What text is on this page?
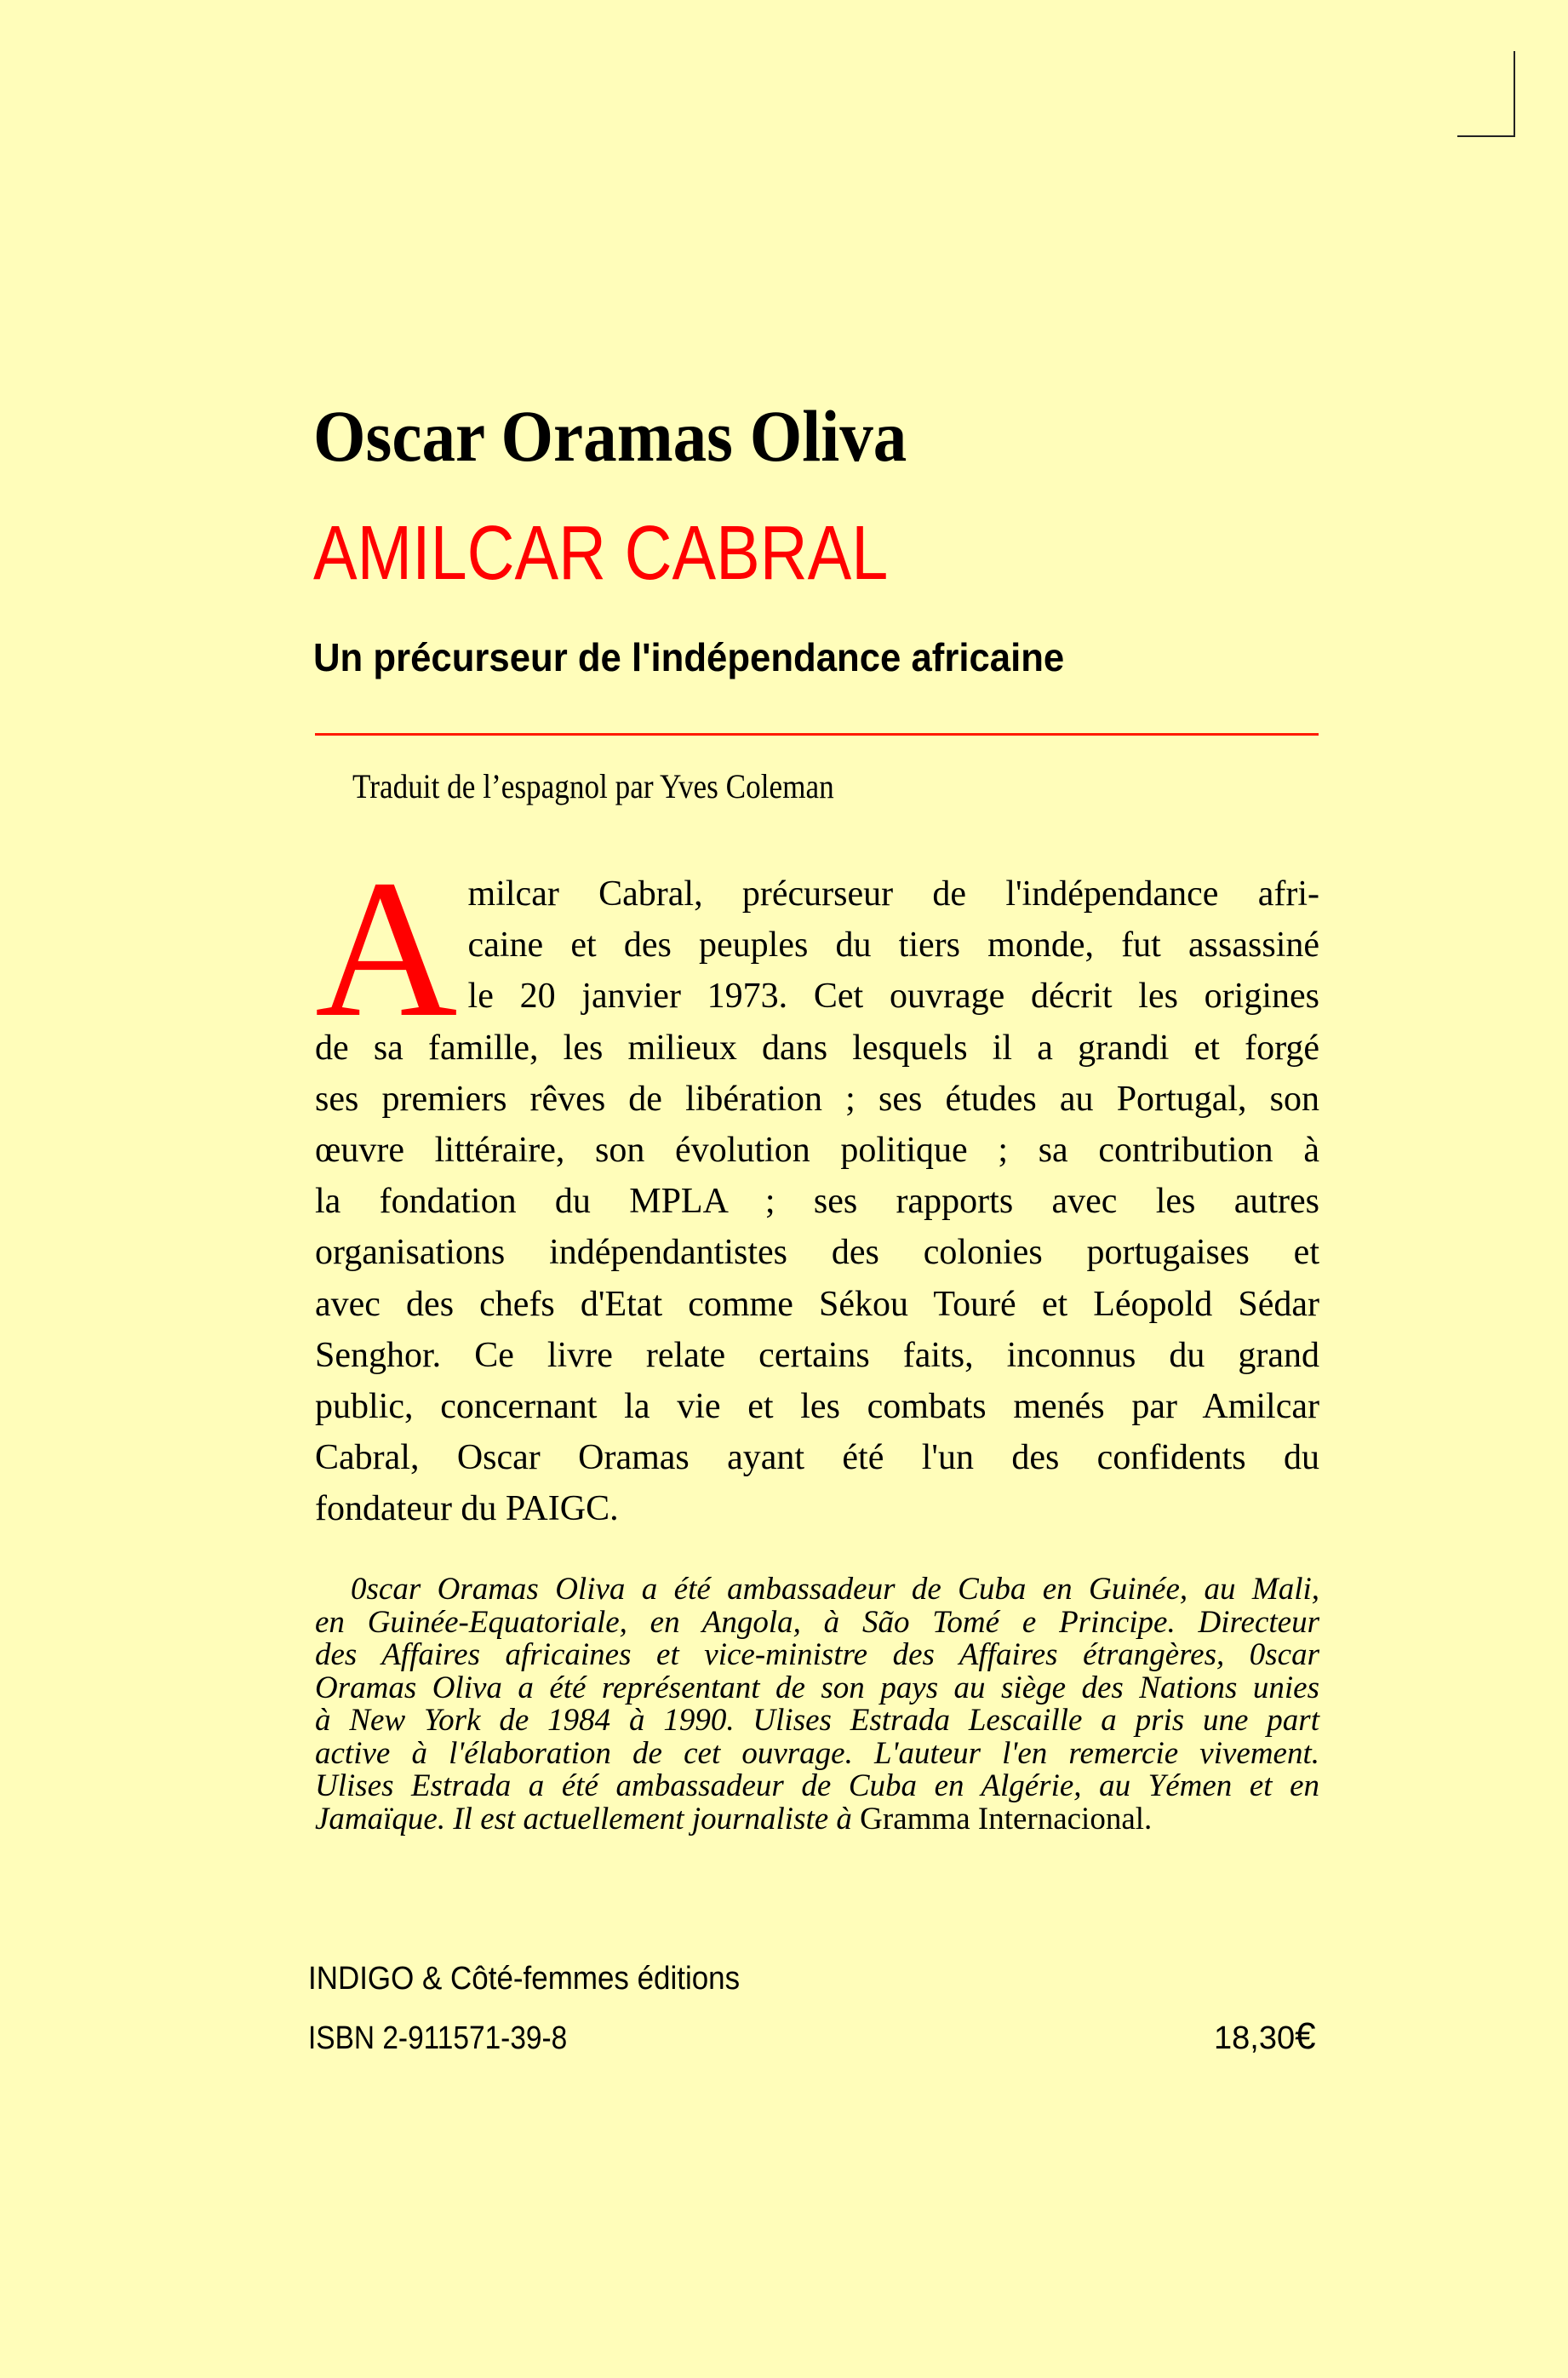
Oscar Oramas Oliva
AMILCAR CABRAL
Un précurseur de l'indépendance africaine
Traduit de l’espagnol par Yves Coleman
A milcar Cabral, précurseur de l'indépendance afri-
caine et des peuples du tiers monde, fut assassiné
le 20 janvier 1973. Cet ouvrage décrit les origines
de sa famille, les milieux dans lesquels il a grandi et forgé
ses premiers rêves de libération ; ses études au Portugal, son
œuvre littéraire, son évolution politique ; sa contribution à
la fondation du MPLA ; ses rapports avec les autres
organisations indépendantistes des colonies portugaises et
avec des chefs d'Etat comme Sékou Touré et Léopold Sédar
Senghor. Ce livre relate certains faits, inconnus du grand
public, concernant la vie et les combats menés par Amilcar
Cabral, Oscar Oramas ayant été l'un des confidents du
fondateur du PAIGC.
0scar Oramas Oliva a été ambassadeur de Cuba en Guinée, au Mali,
en Guinée-Equatoriale, en Angola, à São Tomé e Principe. Directeur
des Affaires africaines et vice-ministre des Affaires étrangères, 0scar
Oramas Oliva a été représentant de son pays au siège des Nations unies
à New York de 1984 à 1990. Ulises Estrada Lescaille a pris une part
active à l'élaboration de cet ouvrage. L'auteur l'en remercie vivement.
Ulises Estrada a été ambassadeur de Cuba en Algérie, au Yémen et en
Jamaïque. Il est actuellement journaliste à Gramma Internacional.
INDIGO & Côté-femmes éditions
ISBN 2-911571-39-8	18,30€
